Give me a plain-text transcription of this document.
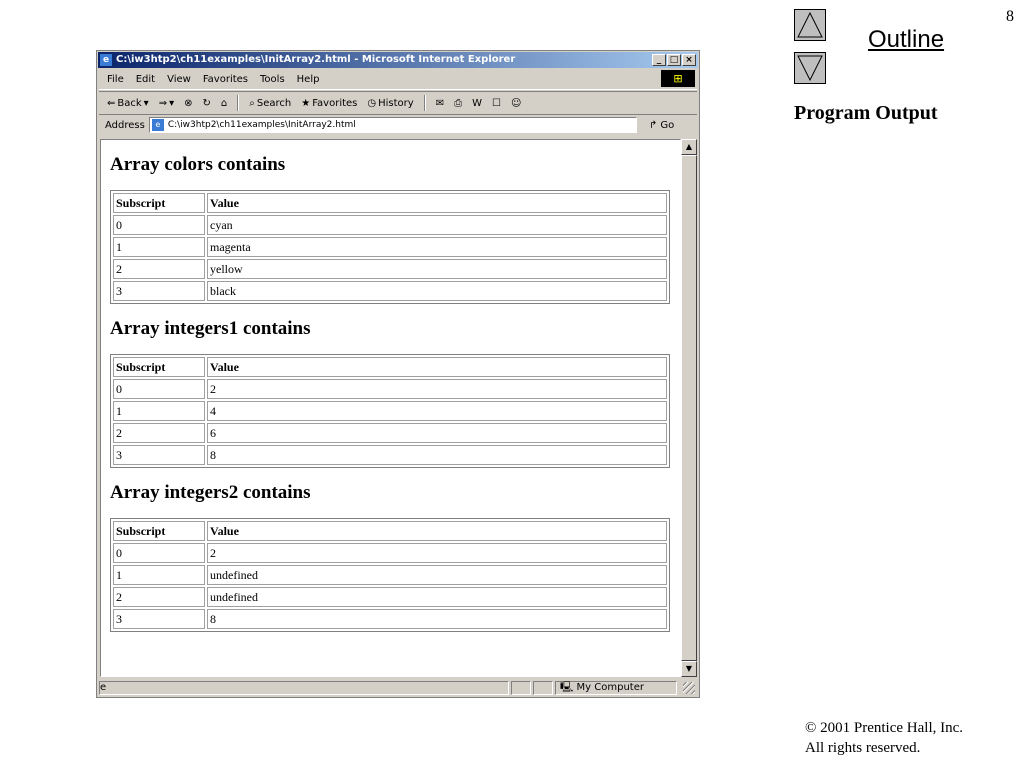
8
Outline
Program Output
© 2001 Prentice Hall, Inc.
All rights reserved.
e C:\iw3htp2\ch11examples\InitArray2.html - Microsoft Internet Explorer	_ □ ×
File Edit View Favorites Tools Help	⊞
⇐ Back ▾ ⇒ ▾ ⊗ ↻ ⌂ ⌕ Search ★ Favorites ◷ History ✉ ⎙ W ☐ ☺
Address	e C:\iw3htp2\ch11examples\InitArray2.html	↱ Go
Array colors contains
Subscript	Value
0	cyan
1	magenta
2	yellow
3	black
Array integers1 contains
Subscript	Value
0	2
1	4
2	6
3	8
Array integers2 contains
Subscript	Value
0	2
1	undefined
2	undefined
3	8
▲
▼
e	🖳 My Computer
